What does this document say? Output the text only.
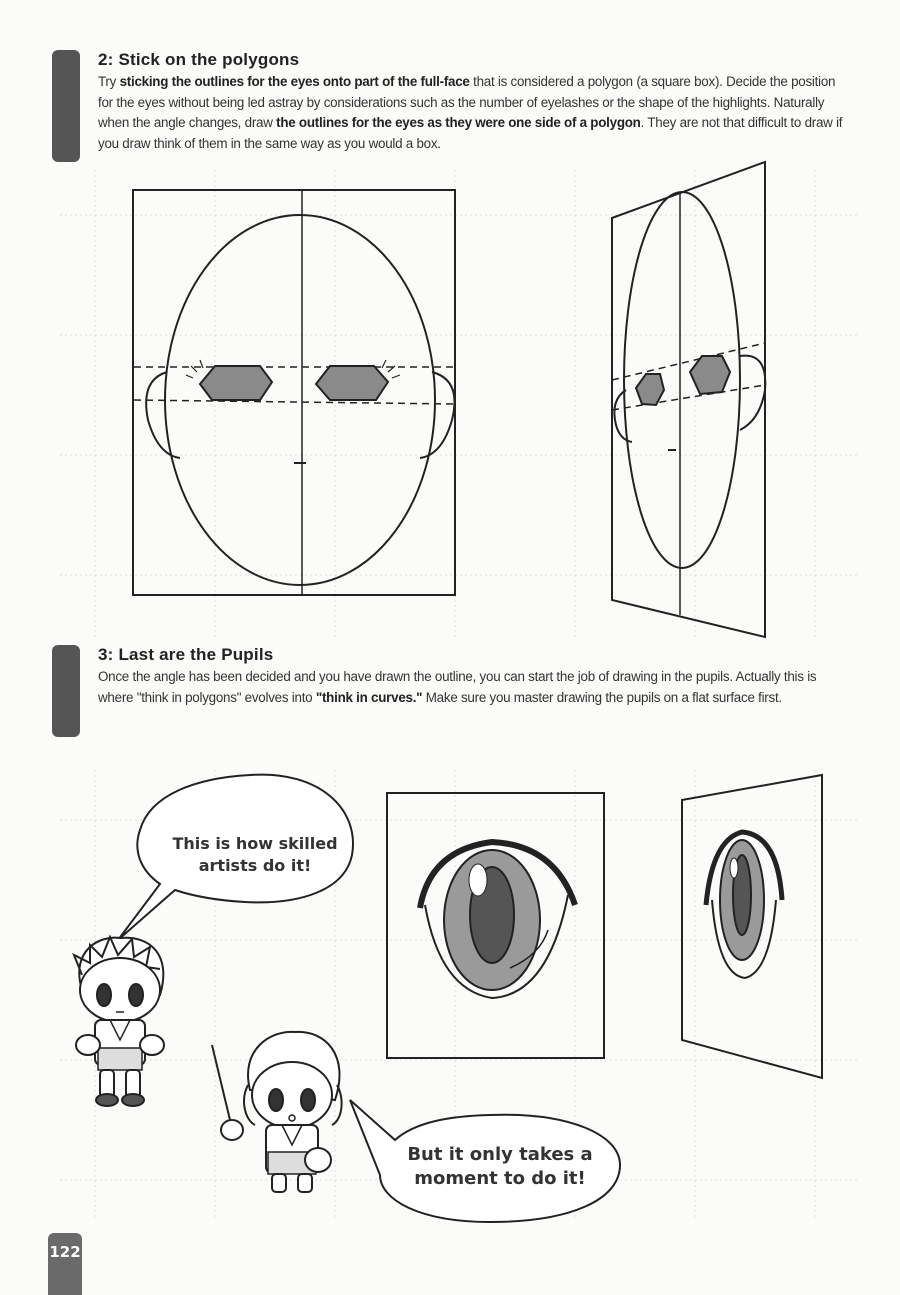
2: Stick on the polygons

Try sticking the outlines for the eyes onto part of the full-face that is considered a polygon (a square box). Decide the position for the eyes without being led astray by considerations such as the number of eyelashes or the shape of the highlights. Naturally when the angle changes, draw the outlines for the eyes as they were one side of a polygon. They are not that difficult to draw if you draw think of them in the same way as you would a box.

3: Last are the Pupils

Once the angle has been decided and you have drawn the outline, you can start the job of drawing in the pupils. Actually this is where "think in polygons" evolves into "think in curves." Make sure you master drawing the pupils on a flat surface first.

This is how skilled
artists do it!
But it only takes a
moment to do it!
122
